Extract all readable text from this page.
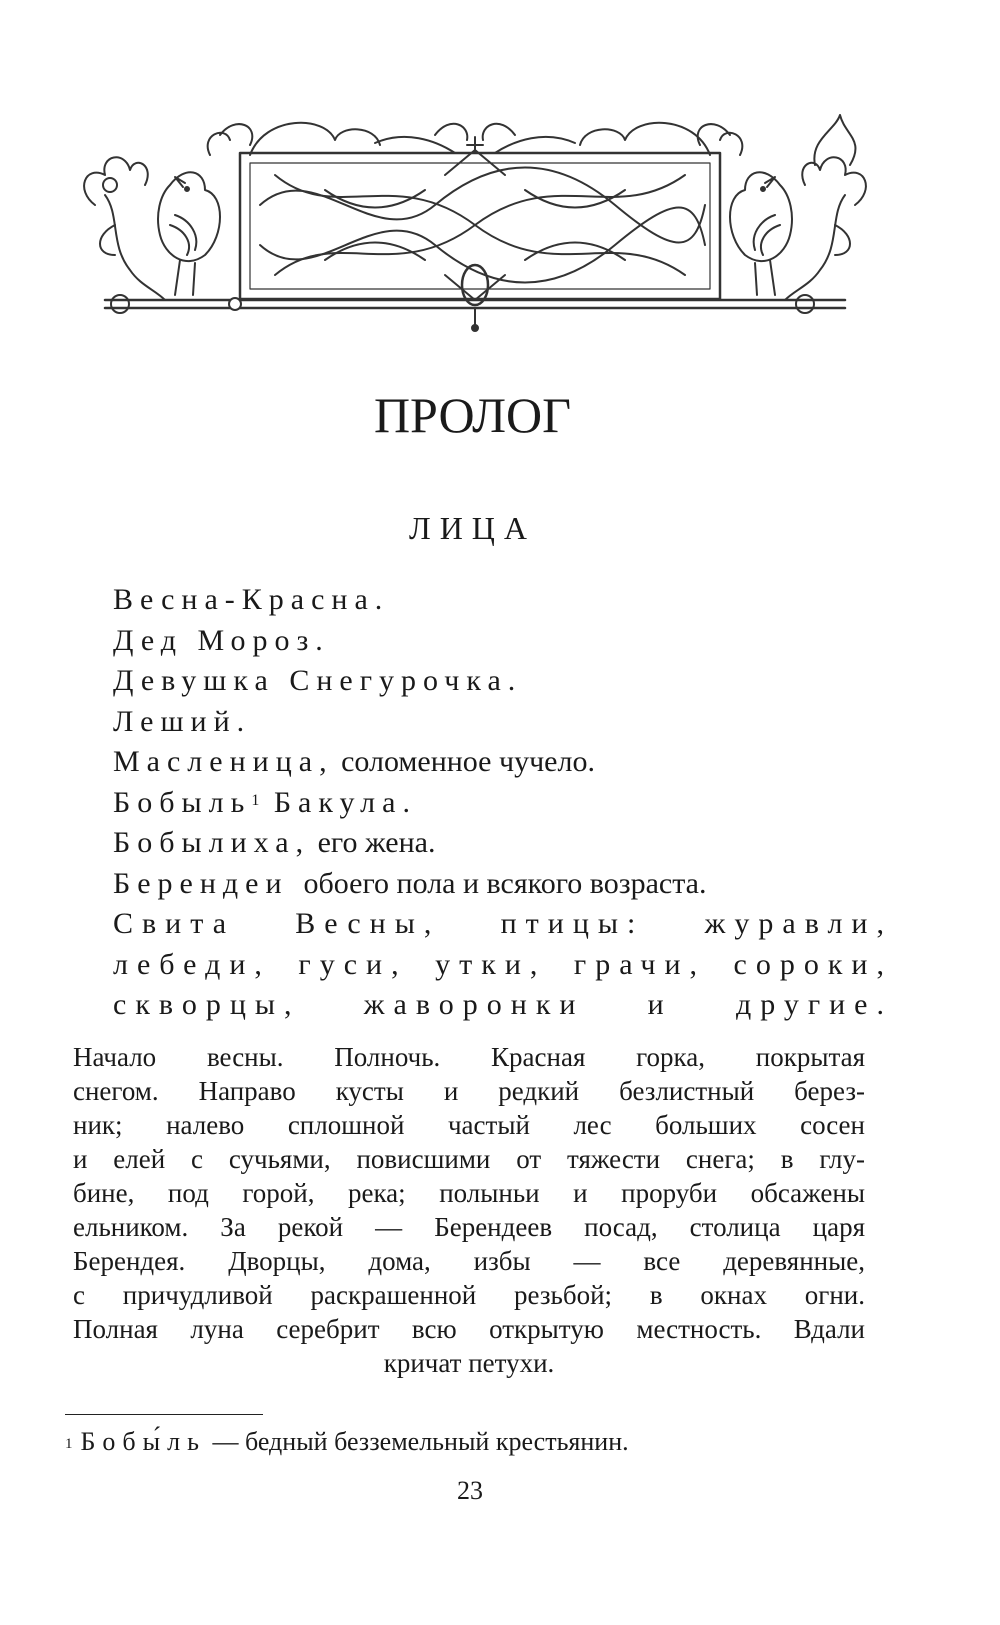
ПРОЛОГ
ЛИЦА
Весна-Красна.
Дед Мороз.
Девушка Снегурочка.
Леший.
Масленица, соломенное чучело.
Бобыль$^1$ Бакула.
Бобылиха, его жена.
Берендеи  обоего пола и всякого возраста.
Свита Весны, птицы: журавли,
лебеди, гуси, утки, грачи, сороки,
скворцы, жаворонки и другие.
Начало весны. Полночь. Красная горка, покрытая
снегом. Направо кусты и редкий безлистный берез-
ник; налево сплошной частый лес больших сосен
и елей с сучьями, повисшими от тяжести снега; в глу-
бине, под горой, река; полыньи и проруби обсажены
ельником. За рекой — Берендеев посад, столица царя
Берендея. Дворцы, дома, избы — все деревянные,
с причудливой раскрашенной резьбой; в окнах огни.
Полная луна серебрит всю открытую местность. Вдали
кричат петухи.
$^1$ Бобы́ль — бедный безземельный крестьянин.
23
